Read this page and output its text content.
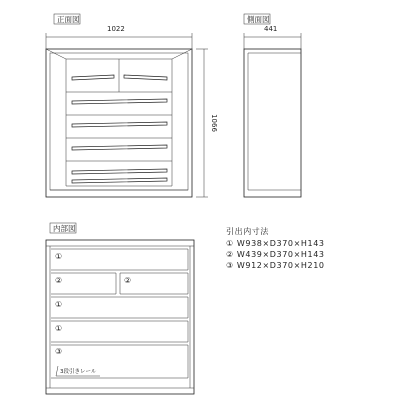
正面図
1022
1066
側面図
441
内部図
①
②	②
①
①
③
3段引きレール
引出内寸法
① W938×D370×H143
② W439×D370×H143
③ W912×D370×H210
